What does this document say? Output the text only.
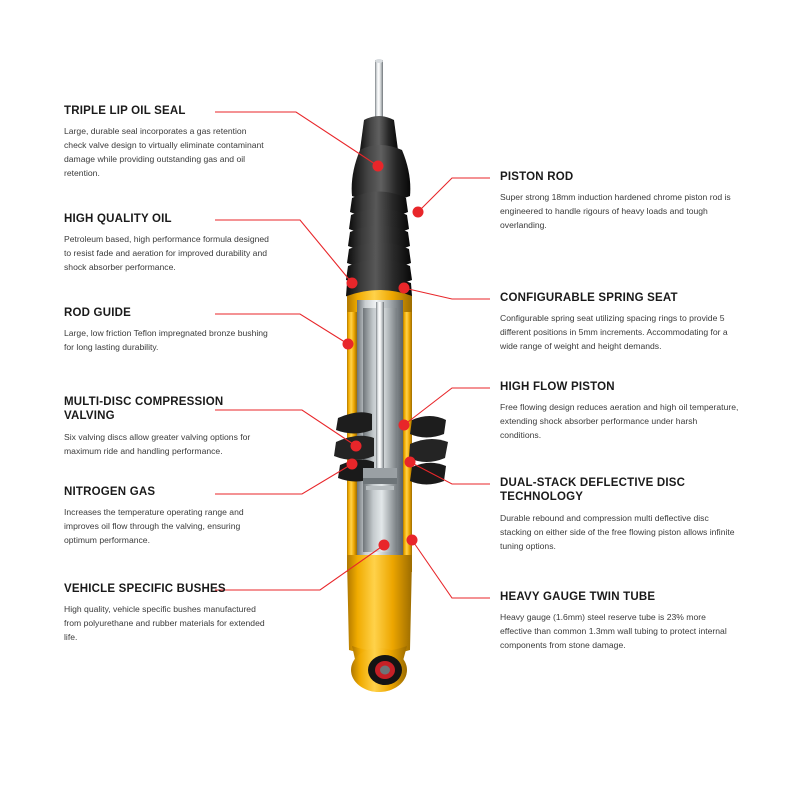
TRIPLE LIP OIL SEAL
Large, durable seal incorporates a gas retention check valve design to virtually eliminate contaminant damage while providing outstanding gas and oil retention.
HIGH QUALITY OIL
Petroleum based, high performance formula designed to resist fade and aeration for improved durability and shock absorber performance.
ROD GUIDE
Large, low friction Teflon impregnated bronze bushing for long lasting durability.
MULTI-DISC COMPRESSION VALVING
Six valving discs allow greater valving options for maximum ride and handling performance.
NITROGEN GAS
Increases the temperature operating range and improves oil flow through the valving, ensuring optimum performance.
VEHICLE SPECIFIC BUSHES
High quality, vehicle specific bushes manufactured from polyurethane and rubber materials for extended life.
PISTON ROD
Super strong 18mm induction hardened chrome piston rod is engineered to handle rigours of heavy loads and tough overlanding.
CONFIGURABLE SPRING SEAT
Configurable spring seat utilizing spacing rings to provide 5 different positions in 5mm increments. Accommodating for a wide range of weight and height demands.
HIGH FLOW PISTON
Free flowing design reduces aeration and high oil temperature, extending shock absorber performance under harsh conditions.
DUAL-STACK DEFLECTIVE DISC TECHNOLOGY
Durable rebound and compression multi deflective disc stacking on either side of the free flowing piston allows infinite tuning options.
HEAVY GAUGE TWIN TUBE
Heavy gauge (1.6mm) steel reserve tube is 23% more effective than common 1.3mm wall tubing to protect internal components from stone damage.
